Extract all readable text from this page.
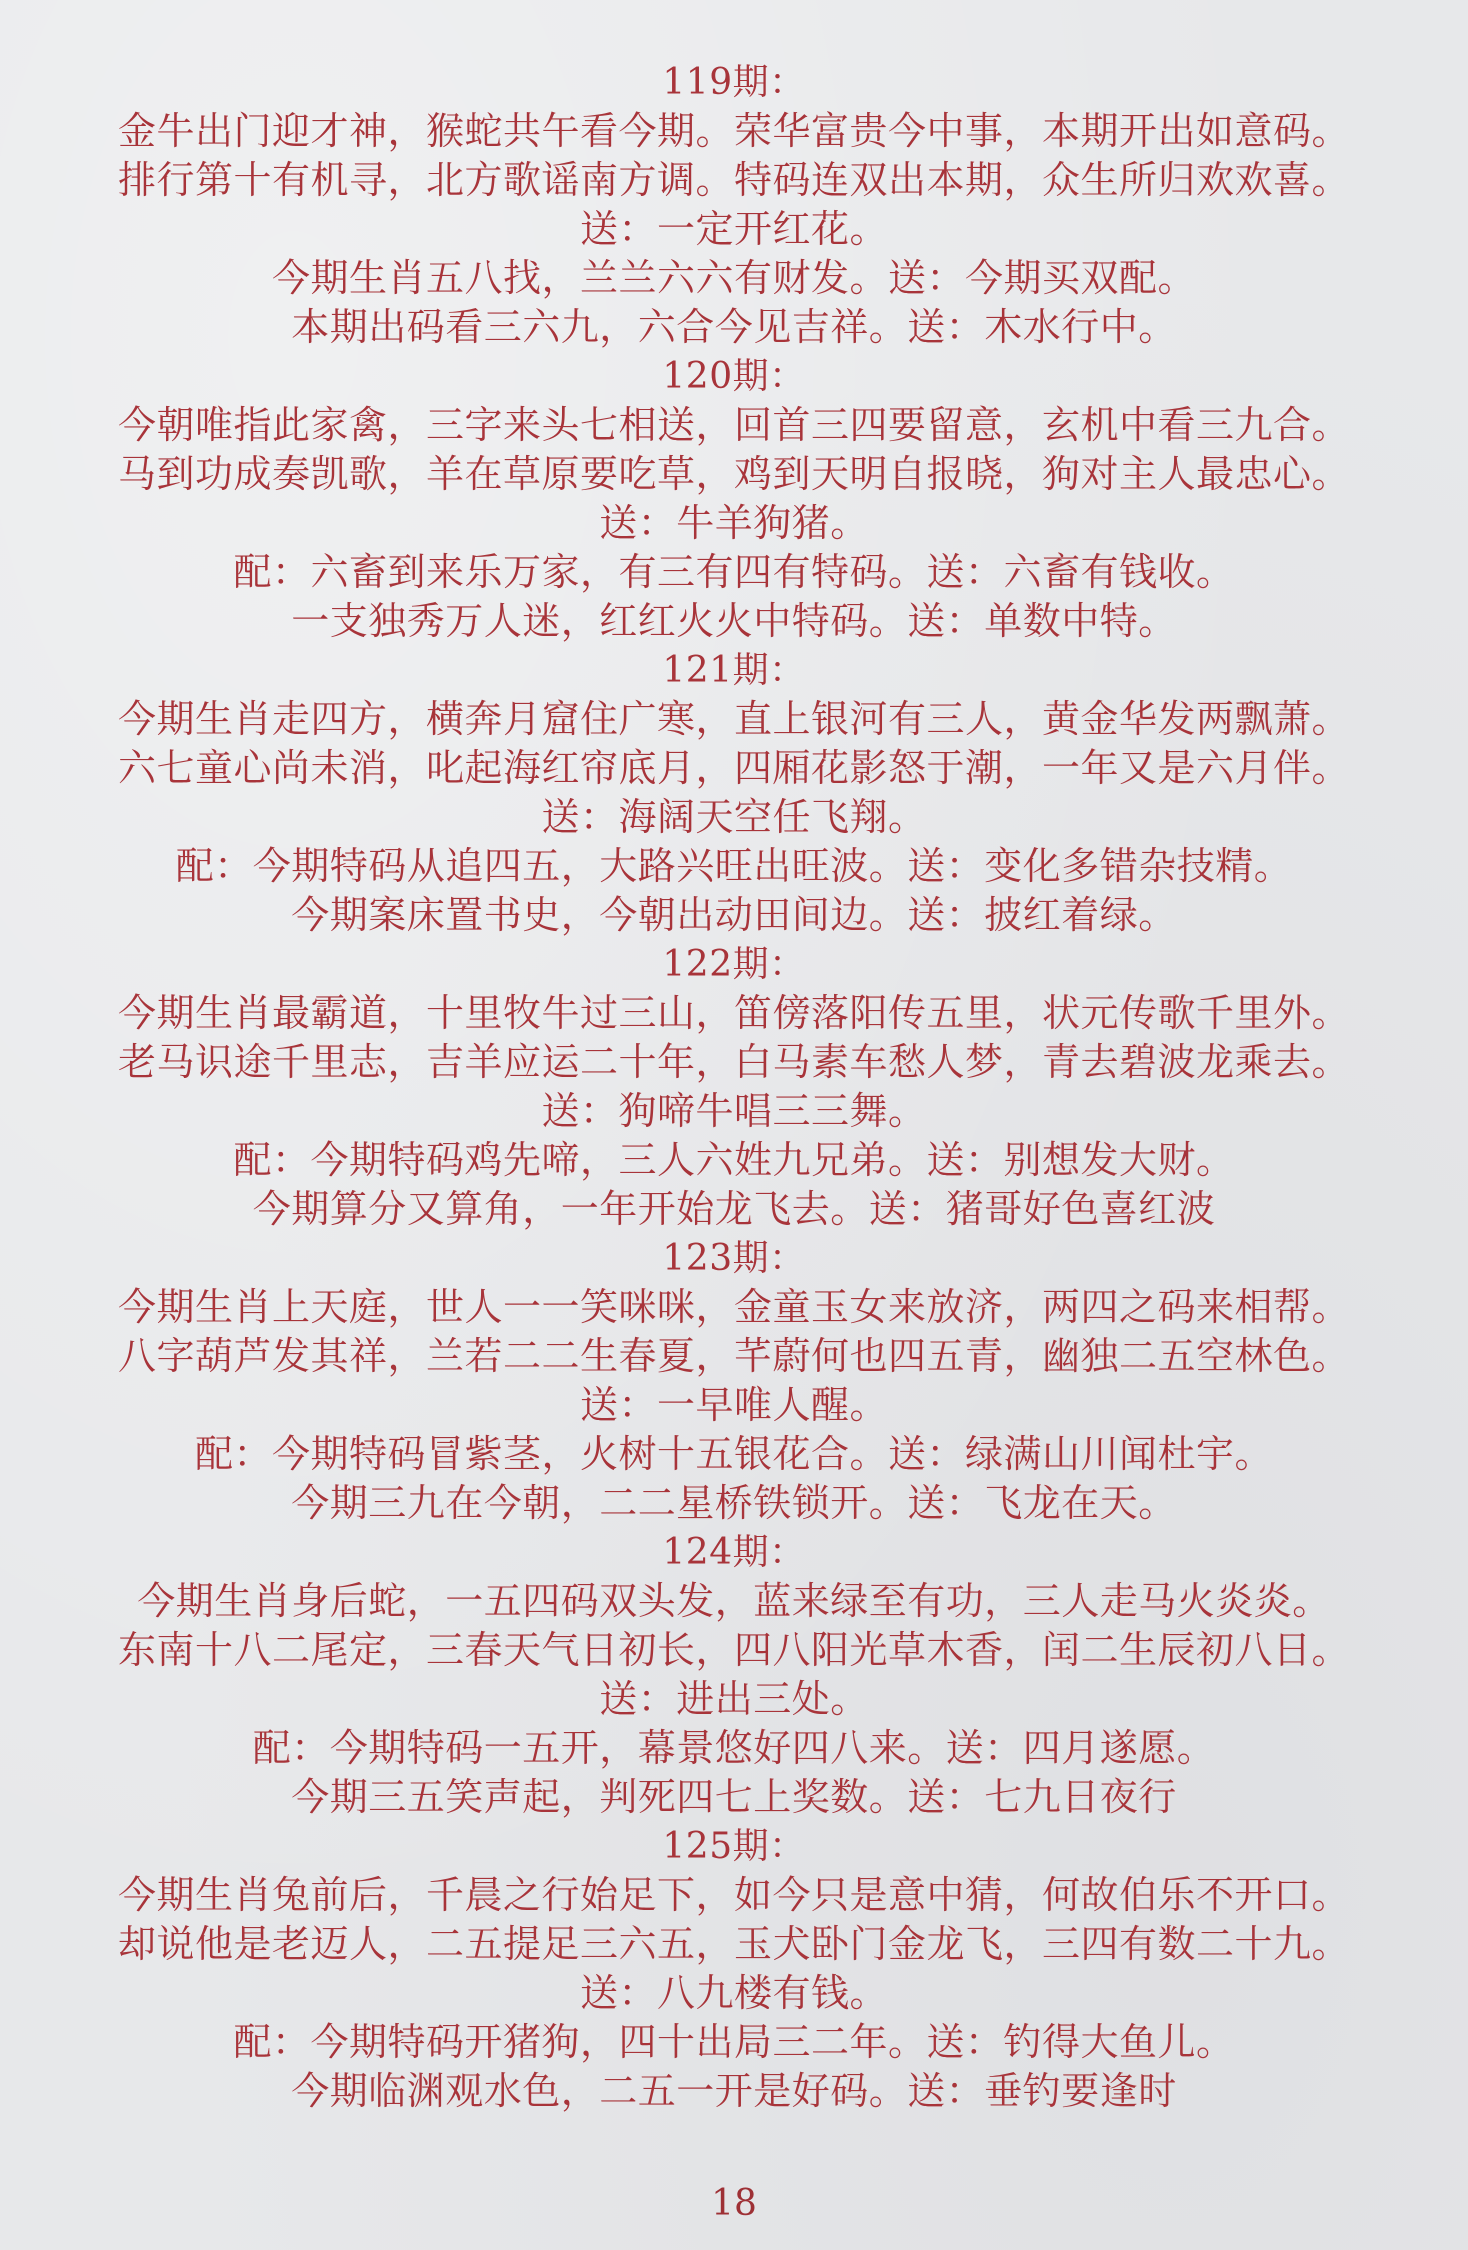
119期：
金牛出门迎才神，猴蛇共午看今期。荣华富贵今中事，本期开出如意码。
排行第十有机寻，北方歌谣南方调。特码连双出本期，众生所归欢欢喜。
送：一定开红花。
今期生肖五八找，兰兰六六有财发。送：今期买双配。
本期出码看三六九，六合今见吉祥。送：木水行中。
120期：
今朝唯指此家禽，三字来头七相送，回首三四要留意，玄机中看三九合。
马到功成奏凯歌，羊在草原要吃草，鸡到天明自报晓，狗对主人最忠心。
送：牛羊狗猪。
配：六畜到来乐万家，有三有四有特码。送：六畜有钱收。
一支独秀万人迷，红红火火中特码。送：单数中特。
121期：
今期生肖走四方，横奔月窟住广寒，直上银河有三人，黄金华发两飘萧。
六七童心尚未消，叱起海红帘底月，四厢花影怒于潮，一年又是六月伴。
送：海阔天空任飞翔。
配：今期特码从追四五，大路兴旺出旺波。送：变化多错杂技精。
今期案床置书史，今朝出动田间边。送：披红着绿。
122期：
今期生肖最霸道，十里牧牛过三山，笛傍落阳传五里，状元传歌千里外。
老马识途千里志，吉羊应运二十年，白马素车愁人梦，青去碧波龙乘去。
送：狗啼牛唱三三舞。
配：今期特码鸡先啼，三人六姓九兄弟。送：别想发大财。
今期算分又算角，一年开始龙飞去。送：猪哥好色喜红波
123期：
今期生肖上天庭，世人一一笑咪咪，金童玉女来放济，两四之码来相帮。
八字葫芦发其祥，兰若二二生春夏，芊蔚何也四五青，幽独二五空林色。
送：一早唯人醒。
配：今期特码冒紫茎，火树十五银花合。送：绿满山川闻杜宇。
今期三九在今朝，二二星桥铁锁开。送：飞龙在天。
124期：
今期生肖身后蛇，一五四码双头发，蓝来绿至有功，三人走马火炎炎。
东南十八二尾定，三春天气日初长，四八阳光草木香，闰二生辰初八日。
送：进出三处。
配：今期特码一五开，幕景悠好四八来。送：四月遂愿。
今期三五笑声起，判死四七上奖数。送：七九日夜行
125期：
今期生肖兔前后，千晨之行始足下，如今只是意中猜，何故伯乐不开口。
却说他是老迈人，二五提足三六五，玉犬卧门金龙飞，三四有数二十九。
送：八九楼有钱。
配：今期特码开猪狗，四十出局三二年。送：钓得大鱼儿。
今期临渊观水色，二五一开是好码。送：垂钓要逢时
18
